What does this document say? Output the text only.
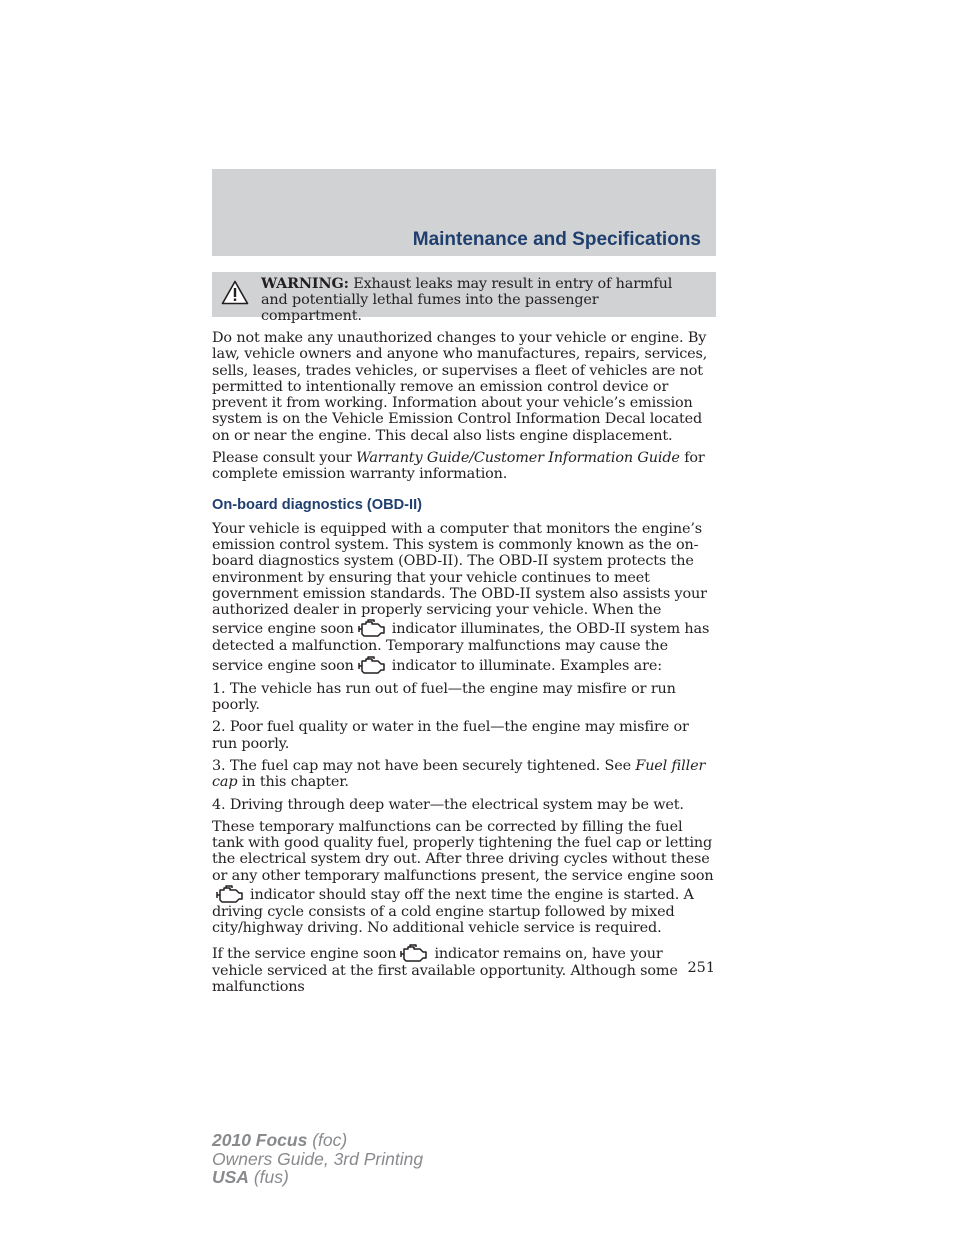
Maintenance and Specifications
WARNING: Exhaust leaks may result in entry of harmful and potentially lethal fumes into the passenger compartment.

Do not make any unauthorized changes to your vehicle or engine. By law, vehicle owners and anyone who manufactures, repairs, services, sells, leases, trades vehicles, or supervises a fleet of vehicles are not permitted to intentionally remove an emission control device or prevent it from working. Information about your vehicle’s emission system is on the Vehicle Emission Control Information Decal located on or near the engine. This decal also lists engine displacement.

Please consult your Warranty Guide/Customer Information Guide for complete emission warranty information.

On-board diagnostics (OBD-II)

Your vehicle is equipped with a computer that monitors the engine’s emission control system. This system is commonly known as the on-board diagnostics system (OBD-II). The OBD-II system protects the environment by ensuring that your vehicle continues to meet government emission standards. The OBD-II system also assists your authorized dealer in properly servicing your vehicle. When the service engine soon	indicator illuminates, the OBD-II system has detected a malfunction. Temporary malfunctions may cause the service engine soon	indicator to illuminate. Examples are:

1. The vehicle has run out of fuel—the engine may misfire or run poorly.

2. Poor fuel quality or water in the fuel—the engine may misfire or run poorly.

3. The fuel cap may not have been securely tightened. See Fuel filler cap in this chapter.

4. Driving through deep water—the electrical system may be wet.

These temporary malfunctions can be corrected by filling the fuel tank with good quality fuel, properly tightening the fuel cap or letting the electrical system dry out. After three driving cycles without these or any other temporary malfunctions present, the service engine soonindicator should stay off the next time the engine is started. A driving cycle consists of a cold engine startup followed by mixed city/highway driving. No additional vehicle service is required.

If the service engine soon	indicator remains on, have your vehicle serviced at the first available opportunity. Although some malfunctions

251
2010 Focus (foc)
Owners Guide, 3rd Printing
USA (fus)
